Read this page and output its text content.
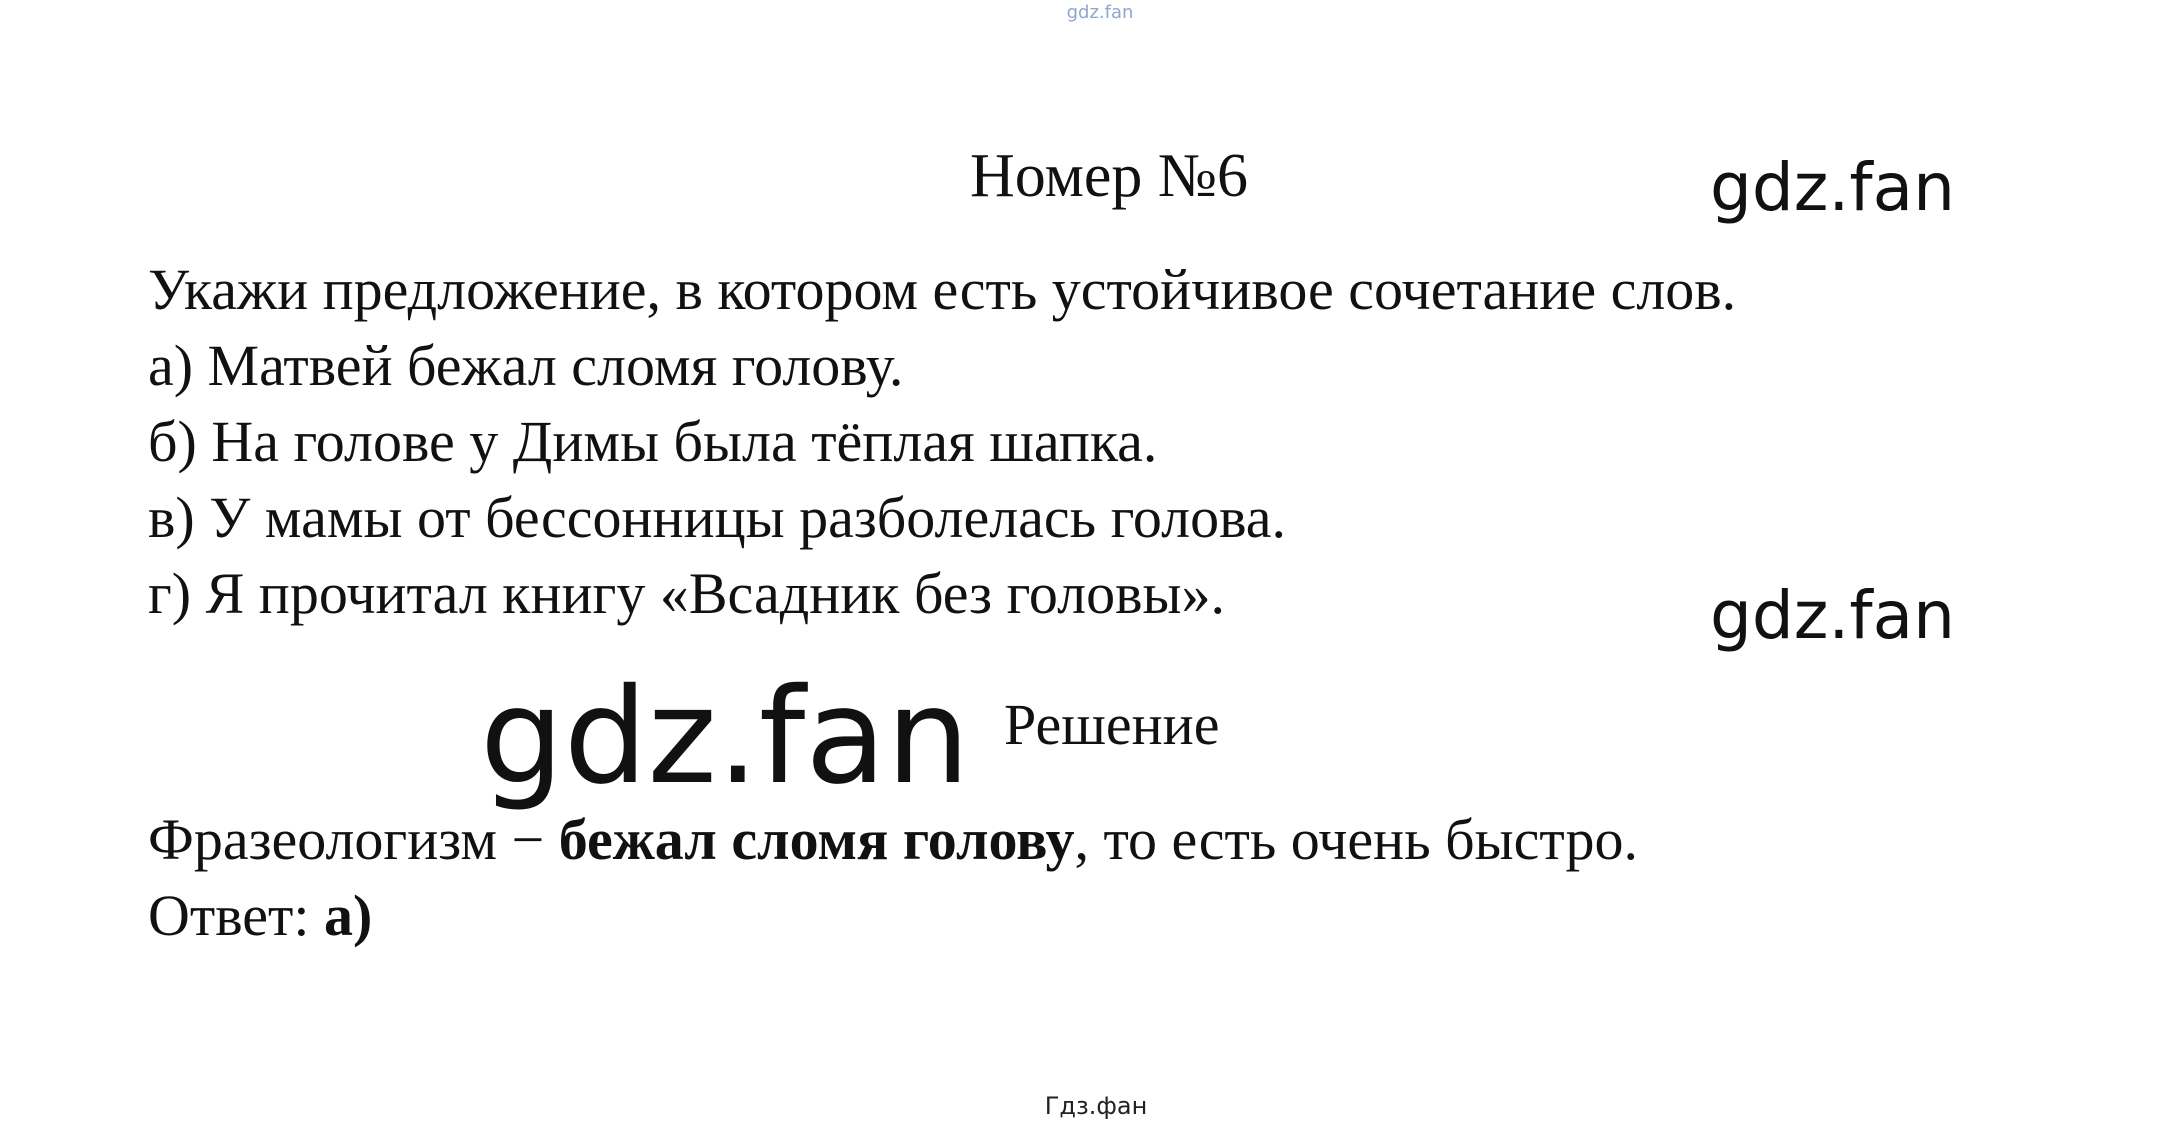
gdz.fan
Номер №6	gdz.fan
Укажи предложение, в котором есть устойчивое сочетание слов.
а) Матвей бежал сломя голову.
б) На голове у Димы была тёплая шапка.
в) У мамы от бессонницы разболелась голова.
г) Я прочитал книгу «Всадник без головы».	gdz.fan
Решение
gdz.fan
Фразеологизм − бежал сломя голову, то есть очень быстро.
Ответ: а)
Гдз.фан
